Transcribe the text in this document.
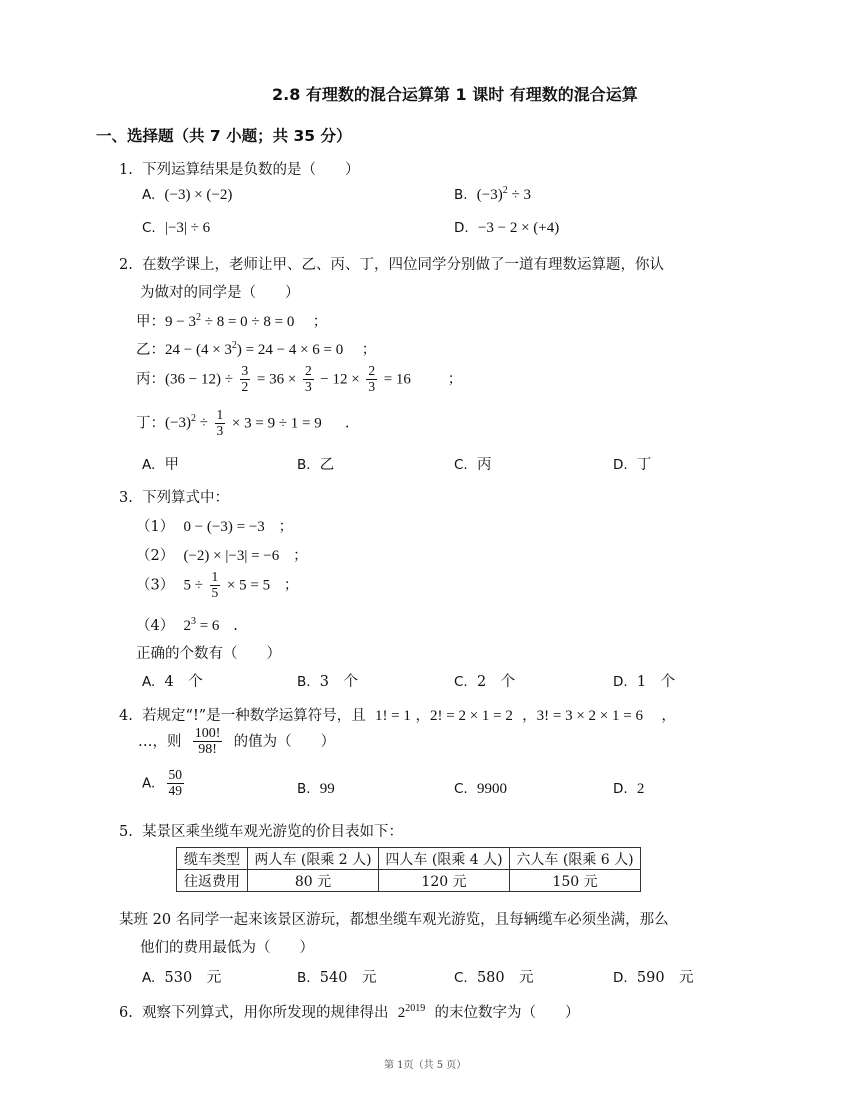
2.8 有理数的混合运算第 1 课时 有理数的混合运算
一、选择题（共 7 小题；共 35 分）
1. 下列运算结果是负数的是（　　）
A. (−3) × (−2)	B. $(-3)^2 \div 3$
C. |−3| ÷ 6	D. −3 − 2 × (+4)
2. 在数学课上，老师让甲、乙、丙、丁，四位同学分别做了一道有理数运算题，你认
为做对的同学是（　　）
甲：$9 - 3^2 \div 8 = 0 \div 8 = 0$ ；
乙：$24 - (4 \times 3^2) = 24 - 4 \times 6 = 0$ ；
丙：$(36 - 12) \div \frac{3}{2} = 36 \times \frac{2}{3} - 12 \times \frac{2}{3} = 16$	；
丁：$(-3)^2 \div \frac{1}{3} \times 3 = 9 \div 1 = 9$ .
A. 甲	B. 乙	C. 丙	D. 丁
3. 下列算式中：
（1） 0 − (−3) = −3 ；
（2） (−2) × |−3| = −6 ；
（3） $5 \div \frac{1}{5} \times 5 = 5$ ；
（4） $2^3 = 6$ .
正确的个数有（　　）
A. 4　个	B. 3　个	C. 2　个	D. 1　个
4. 若规定“!”是一种数学运算符号，且 1! = 1 ，2! = 2 × 1 = 2 ，3! = 3 × 2 × 1 = 6 ，
…，则 $\frac{100!}{98!}$ 的值为（　　）
A. $\frac{50}{49}$	B. 99	C. 9900	D. 2
5. 某景区乘坐缆车观光游览的价目表如下：
缆车类型	两人车 (限乘 2 人)	四人车 (限乘 4 人)	六人车 (限乘 6 人)
往返费用	80 元	120 元	150 元
某班 20 名同学一起来该景区游玩，都想坐缆车观光游览，且每辆缆车必须坐满，那么
他们的费用最低为（　　）
A. 530　元	B. 540　元	C. 580　元	D. 590　元
6. 观察下列算式，用你所发现的规律得出 $2^{2019}$ 的末位数字为（　　）
第 1页（共 5 页）
